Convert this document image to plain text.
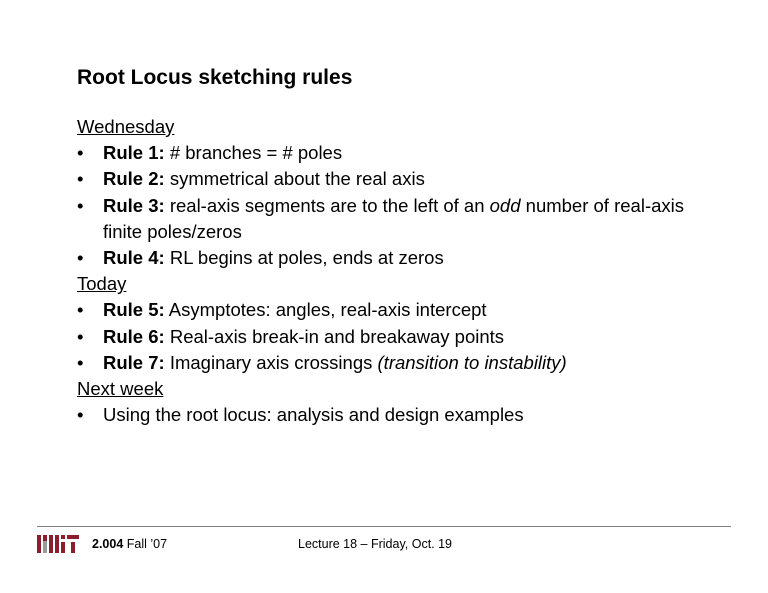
Root Locus sketching rules
Wednesday
• Rule 1: # branches = # poles
• Rule 2: symmetrical about the real axis
• Rule 3: real-axis segments are to the left of an odd number of real-axis finite poles/zeros
• Rule 4: RL begins at poles, ends at zeros
Today
• Rule 5: Asymptotes: angles, real-axis intercept
• Rule 6: Real-axis break-in and breakaway points
• Rule 7: Imaginary axis crossings (transition to instability)
Next week
• Using the root locus: analysis and design examples
2.004 Fall ’07	Lecture 18 – Friday, Oct. 19
